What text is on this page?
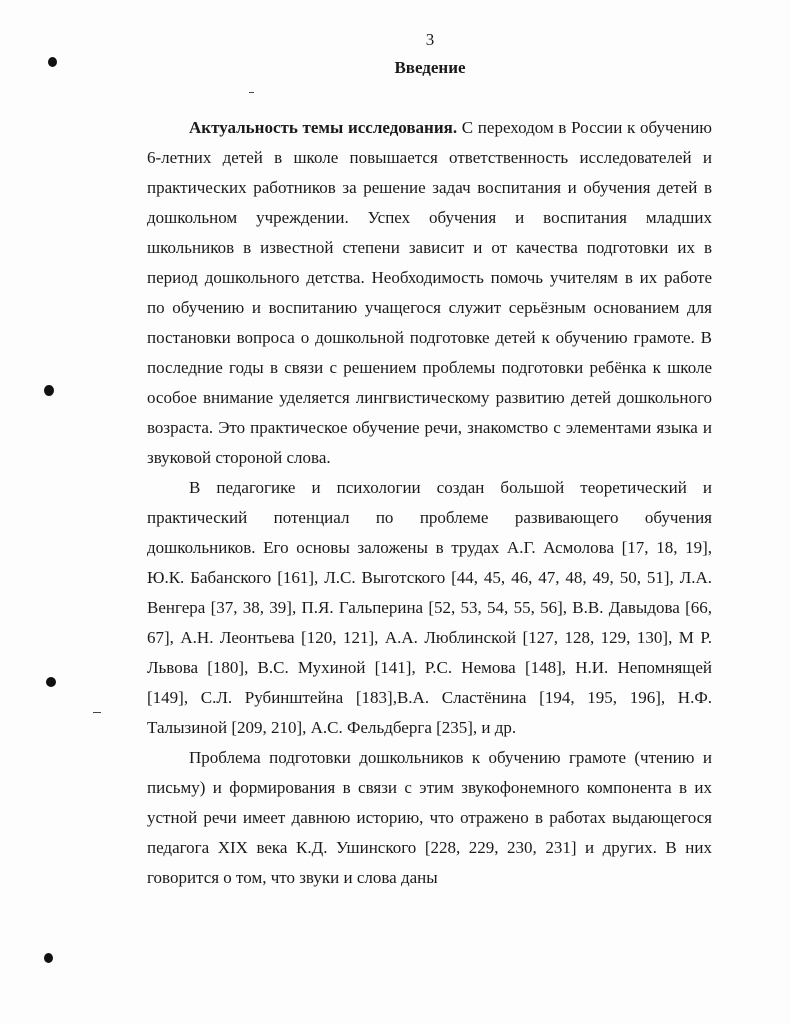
3
Введение

Актуальность темы исследования. С переходом в России к обучению 6-летних детей в школе повышается ответственность исследователей и практических работников за решение задач воспитания и обучения детей в дошкольном учреждении. Успех обучения и воспитания младших школьников в известной степени зависит и от качества подготовки их в период дошкольного детства. Необходимость помочь учителям в их работе по обучению и воспитанию учащегося служит серьёзным основанием для постановки вопроса о дошкольной подготовке детей к обучению грамоте. В последние годы в связи с решением проблемы подготовки ребёнка к школе особое внимание уделяется лингвистическому развитию детей дошкольного возраста. Это практическое обучение речи, знакомство с элементами языка и звуковой стороной слова.

В педагогике и психологии создан большой теоретический и практический потенциал по проблеме развивающего обучения дошкольников. Его основы заложены в трудах А.Г. Асмолова [17, 18, 19], Ю.К. Бабанского [161], Л.С. Выготского [44, 45, 46, 47, 48, 49, 50, 51], Л.А. Венгера [37, 38, 39], П.Я. Гальперина [52, 53, 54, 55, 56], В.В. Давыдова [66, 67], А.Н. Леонтьева [120, 121], А.А. Люблинской [127, 128, 129, 130], М Р. Львова [180], В.С. Мухиной [141], Р.С. Немова [148], Н.И. Непомнящей [149], С.Л. Рубинштейна [183],В.А. Сластёнина [194, 195, 196], Н.Ф. Талызиной [209, 210], А.С. Фельдберга [235], и др.

Проблема подготовки дошкольников к обучению грамоте (чтению и письму) и формирования в связи с этим звукофонемного компонента в их устной речи имеет давнюю историю, что отражено в работах выдающегося педагога XIX века К.Д. Ушинского [228, 229, 230, 231] и других. В них говорится о том, что звуки и слова даны
